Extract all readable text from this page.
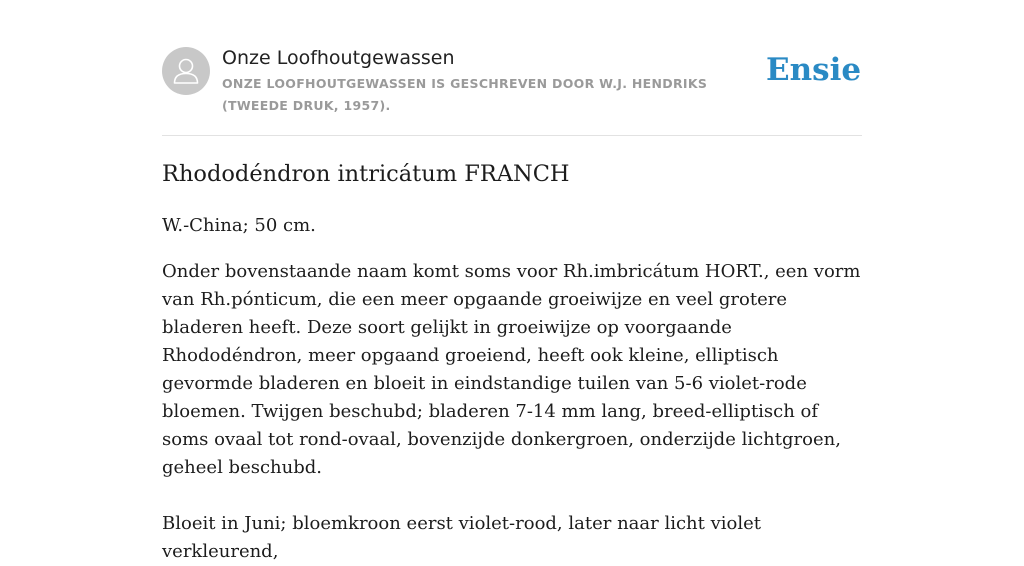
Onze Loofhoutgewassen
ONZE LOOFHOUTGEWASSEN IS GESCHREVEN DOOR W.J. HENDRIKS (TWEEDE DRUK, 1957).
Ensie
Rhododéndron intricátum FRANCH

W.-China; 50 cm.

Onder bovenstaande naam komt soms voor Rh.imbricátum HORT., een vorm van Rh.pónticum, die een meer opgaande groeiwijze en veel grotere bladeren heeft. Deze soort gelijkt in groeiwijze op voorgaande Rhododéndron, meer opgaand groeiend, heeft ook kleine, elliptisch gevormde bladeren en bloeit in eindstandige tuilen van 5-6 violet-rode bloemen. Twijgen beschubd; bladeren 7-14 mm lang, breed-elliptisch of soms ovaal tot rond-ovaal, bovenzijde donkergroen, onderzijde lichtgroen, geheel beschubd.

Bloeit in Juni; bloemkroon eerst violet-rood, later naar licht violet verkleurend,
